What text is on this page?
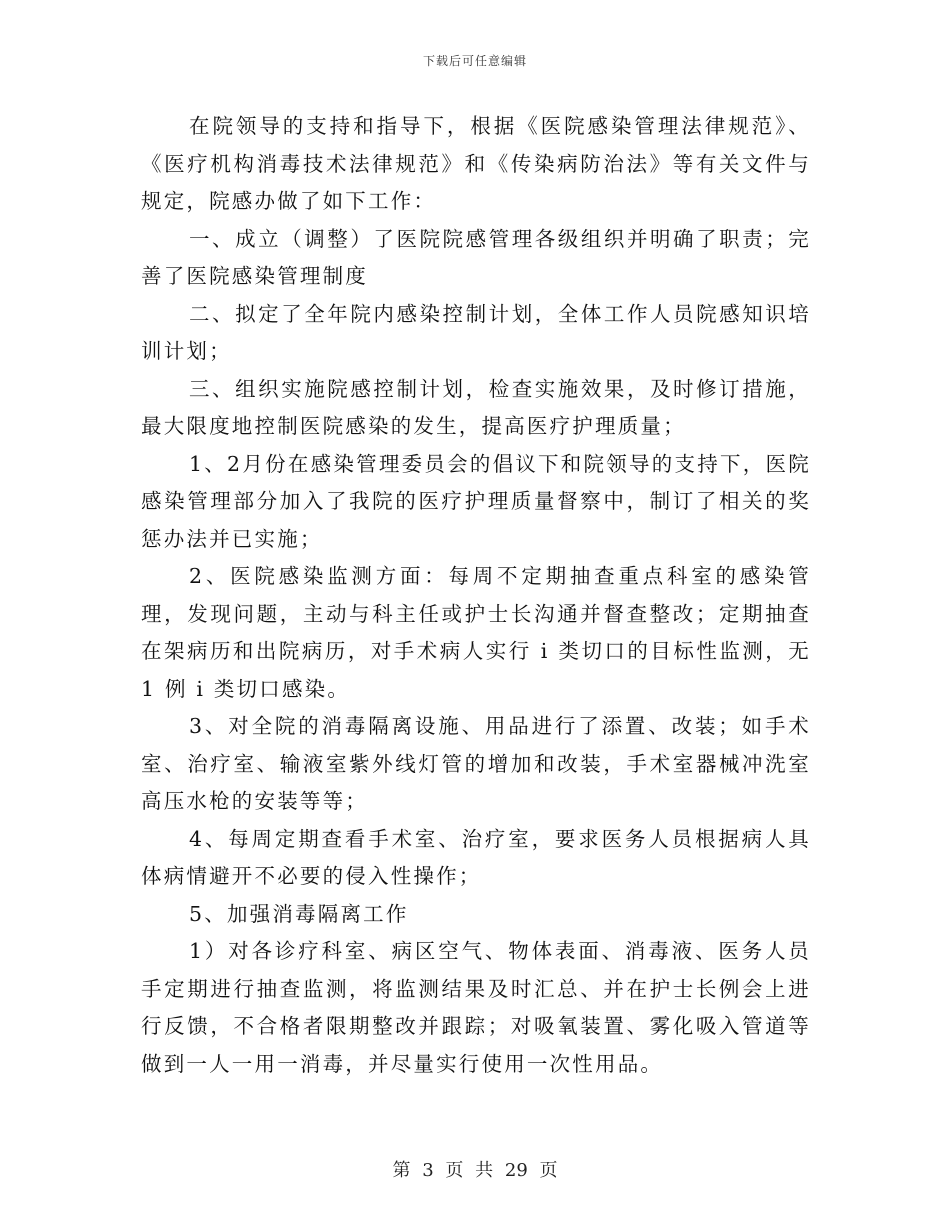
下载后可任意编辑

在院领导的支持和指导下，根据《医院感染管理法律规范》、《医疗机构消毒技术法律规范》和《传染病防治法》等有关文件与规定，院感办做了如下工作：

一、成立（调整）了医院院感管理各级组织并明确了职责；完善了医院感染管理制度

二、拟定了全年院内感染控制计划，全体工作人员院感知识培训计划；

三、组织实施院感控制计划，检查实施效果，及时修订措施，最大限度地控制医院感染的发生，提高医疗护理质量；

1、2月份在感染管理委员会的倡议下和院领导的支持下，医院感染管理部分加入了我院的医疗护理质量督察中，制订了相关的奖惩办法并已实施；

2、医院感染监测方面：每周不定期抽查重点科室的感染管理，发现问题，主动与科主任或护士长沟通并督查整改；定期抽查在架病历和出院病历，对手术病人实行 i 类切口的目标性监测，无 1 例 i 类切口感染。

3、对全院的消毒隔离设施、用品进行了添置、改装；如手术室、治疗室、输液室紫外线灯管的增加和改装，手术室器械冲洗室高压水枪的安装等等；

4、每周定期查看手术室、治疗室，要求医务人员根据病人具体病情避开不必要的侵入性操作；

5、加强消毒隔离工作

1）对各诊疗科室、病区空气、物体表面、消毒液、医务人员手定期进行抽查监测，将监测结果及时汇总、并在护士长例会上进行反馈，不合格者限期整改并跟踪；对吸氧装置、雾化吸入管道等做到一人一用一消毒，并尽量实行使用一次性用品。

第 3 页 共 29 页
